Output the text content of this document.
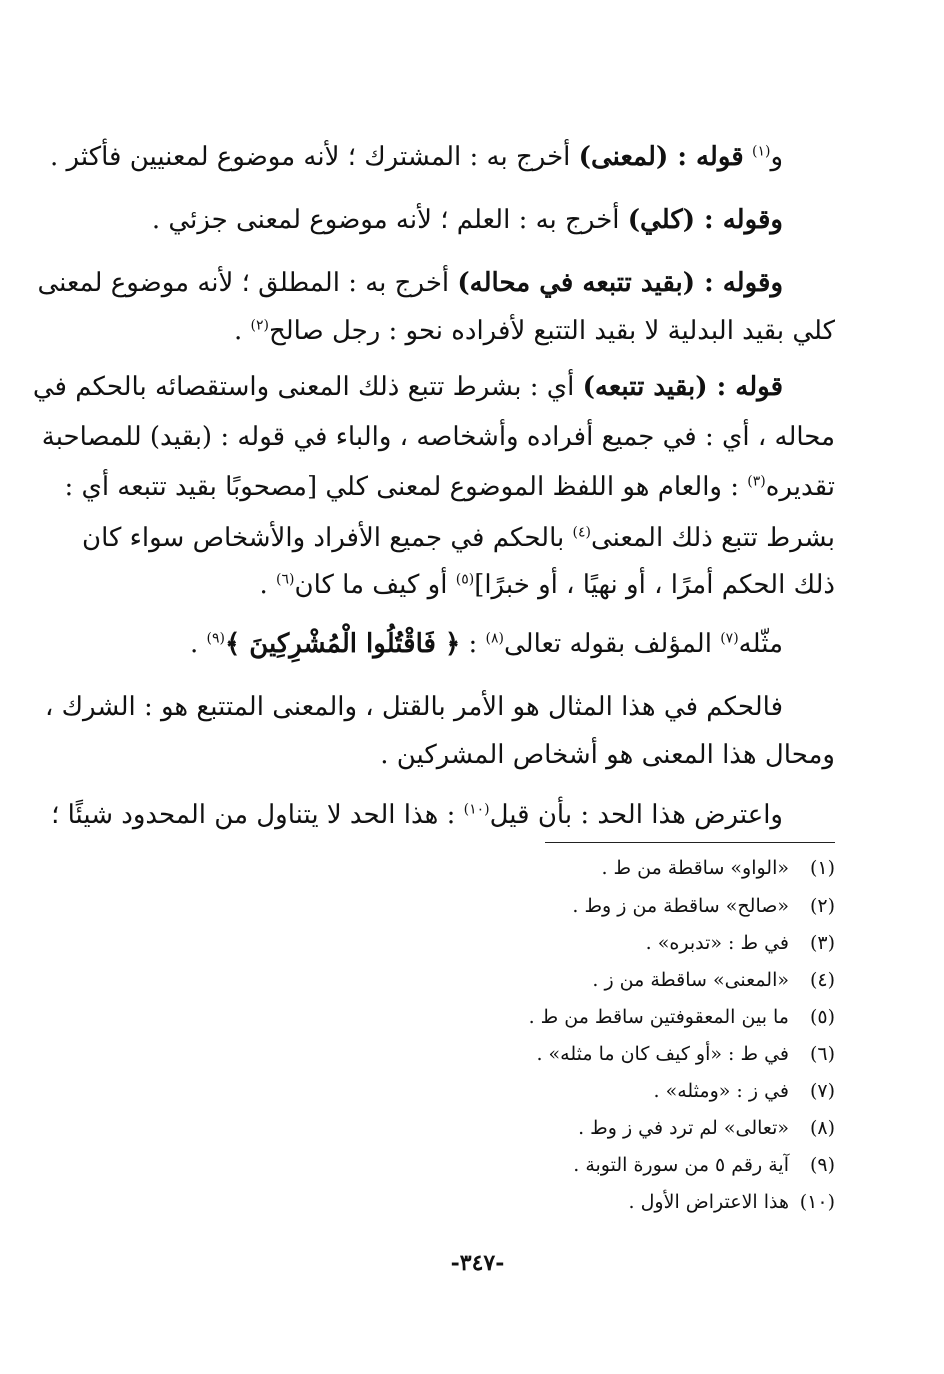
و$^{(١)}$ قوله : (لمعنى) أخرج به : المشترك ؛ لأنه موضوع لمعنيين فأكثر .
وقوله : (كلي) أخرج به : العلم ؛ لأنه موضوع لمعنى جزئي .
وقوله : (بقيد تتبعه في محاله) أخرج به : المطلق ؛ لأنه موضوع لمعنى
كلي بقيد البدلية لا بقيد التتبع لأفراده نحو : رجل صالح$^{(٢)}$ .
قوله : (بقيد تتبعه) أي : بشرط تتبع ذلك المعنى واستقصائه بالحكم في
محاله ، أي : في جميع أفراده وأشخاصه ، والباء في قوله : (بقيد) للمصاحبة
تقديره$^{(٣)}$ : والعام هو اللفظ الموضوع لمعنى كلي [مصحوبًا بقيد تتبعه أي :
بشرط تتبع ذلك المعنى$^{(٤)}$ بالحكم في جميع الأفراد والأشخاص سواء كان
ذلك الحكم أمرًا ، أو نهيًا ، أو خبرًا]$^{(٥)}$ أو كيف ما كان$^{(٦)}$ .
مثّله$^{(٧)}$ المؤلف بقوله تعالى$^{(٨)}$ : ﴿ فَاقْتُلُوا الْمُشْرِكِينَ ﴾$^{(٩)}$ .
فالحكم في هذا المثال هو الأمر بالقتل ، والمعنى المتتبع هو : الشرك ،
ومحال هذا المعنى هو أشخاص المشركين .
واعترض هذا الحد : بأن قيل$^{(١٠)}$ : هذا الحد لا يتناول من المحدود شيئًا ؛
(١)«الواو» ساقطة من ط .
(٢)«صالح» ساقطة من ز وط .
(٣)في ط : «تدبره» .
(٤)«المعنى» ساقطة من ز .
(٥)ما بين المعقوفتين ساقط من ط .
(٦)في ط : «أو كيف كان ما مثله» .
(٧)في ز : «ومثله» .
(٨)«تعالى» لم ترد في ز وط .
(٩)آية رقم ٥ من سورة التوبة .
(١٠)هذا الاعتراض الأول .
-٣٤٧-
